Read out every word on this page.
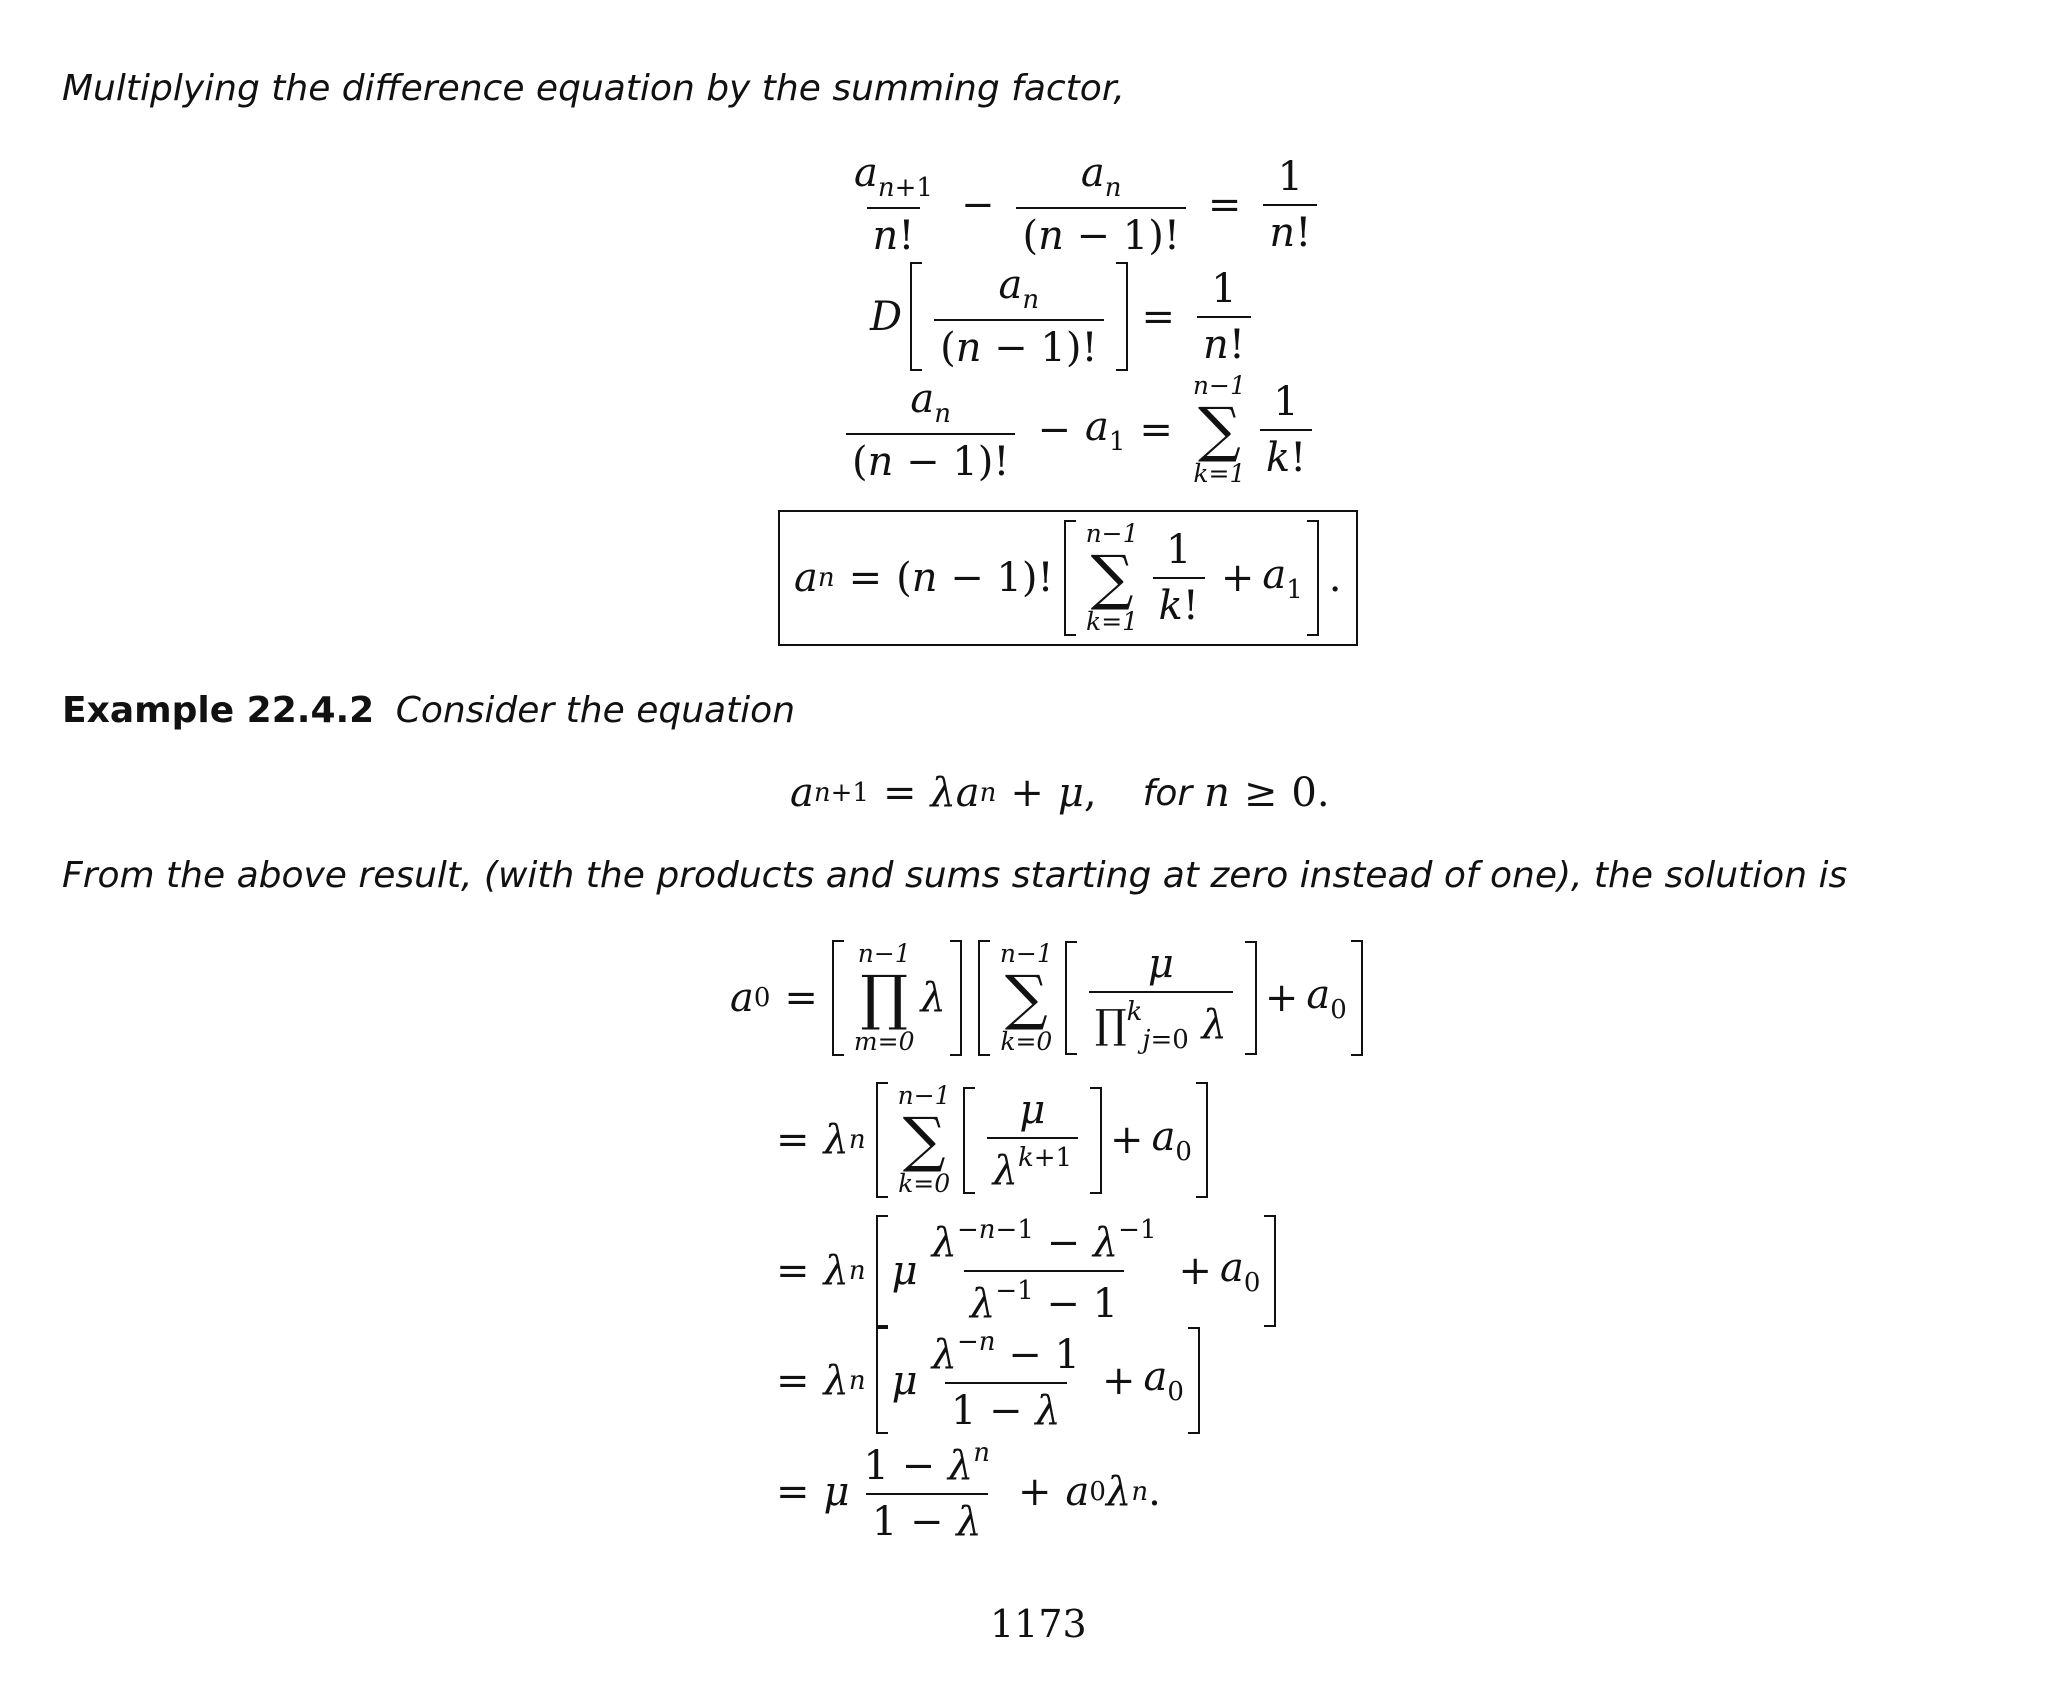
Multiplying the difference equation by the summing factor,
$\frac{a_{n+1}}{n!} - \frac{a_n}{(n - 1)!} = \frac{1}{n!}$
D $\frac{a_n}{(n - 1)!} = \frac{1}{n!}$
$\frac{a_n}{(n - 1)!} - a_1$ =
n−1
∑
$k=1 \frac{1}{k!}$
a n = (n − 1)!
n−1
∑
$k=1 \frac{1}{k!} + a_1$ .
Example 22.4.2 Consider the equation
a n +1 = λa n + μ , for n ≥ 0.
From the above result, (with the products and sums starting at zero instead of one), the solution is
a 0 =
n−1
∏
m=0
λ
n−1
∑
$k=0 \frac{\mu}{\prod^k_{j=0} \lambda} + a_0$
= λ n
n−1
∑
$k=0 \frac{\mu}{\lambda^{k+1}} + a_0$
= λ n μ $\frac{\lambda^{-n-1} - \lambda^{-1}}{\lambda^{-1} - 1} + a_0$
= λ n μ $\frac{\lambda^{-n} - 1}{1 - \lambda} + a_0$
= μ $\frac{1 - \lambda^n}{1 - \lambda} + a$ 0 λ n .
1173
